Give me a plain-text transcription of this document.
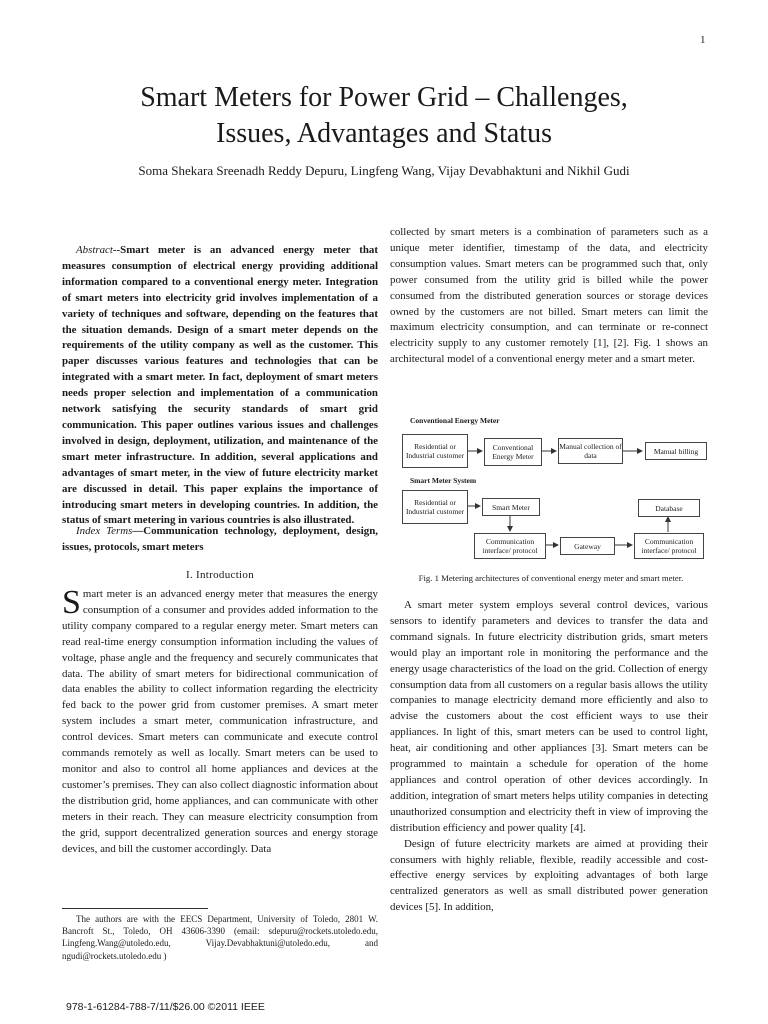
1
Smart Meters for Power Grid – Challenges,
Issues, Advantages and Status
Soma Shekara Sreenadh Reddy Depuru, Lingfeng Wang, Vijay Devabhaktuni and Nikhil Gudi
Abstract--Smart meter is an advanced energy meter that measures consumption of electrical energy providing additional information compared to a conventional energy meter. Integration of smart meters into electricity grid involves implementation of a variety of techniques and software, depending on the features that the situation demands. Design of a smart meter depends on the requirements of the utility company as well as the customer. This paper discusses various features and technologies that can be integrated with a smart meter. In fact, deployment of smart meters needs proper selection and implementation of a communication network satisfying the security standards of smart grid communication. This paper outlines various issues and challenges involved in design, deployment, utilization, and maintenance of the smart meter infrastructure. In addition, several applications and advantages of smart meter, in the view of future electricity market are discussed in detail. This paper explains the importance of introducing smart meters in developing countries. In addition, the status of smart metering in various countries is also illustrated.
Index Terms—Communication technology, deployment, design, issues, protocols, smart meters
I. Introduction
Smart meter is an advanced energy meter that measures the energy consumption of a consumer and provides added information to the utility company compared to a regular energy meter. Smart meters can read real-time energy consumption information including the values of voltage, phase angle and the frequency and securely communicates that data. The ability of smart meters for bidirectional communication of data enables the ability to collect information regarding the electricity fed back to the power grid from customer premises. A smart meter system includes a smart meter, communication infrastructure, and control devices. Smart meters can communicate and execute control commands remotely as well as locally. Smart meters can be used to monitor and also to control all home appliances and devices at the customer’s premises. They can also collect diagnostic information about the distribution grid, home appliances, and can communicate with other meters in their reach. They can measure electricity consumption from the grid, support decentralized generation sources and energy storage devices, and bill the customer accordingly. Data
The authors are with the EECS Department, University of Toledo, 2801 W. Bancroft St., Toledo, OH 43606-3390 (email: sdepuru@rockets.utoledo.edu, Lingfeng.Wang@utoledo.edu, Vijay.Devabhaktuni@utoledo.edu, and ngudi@rockets.utoledo.edu )
978-1-61284-788-7/11/$26.00 ©2011 IEEE
collected by smart meters is a combination of parameters such as a unique meter identifier, timestamp of the data, and electricity consumption values. Smart meters can be programmed such that, only power consumed from the utility grid is billed while the power consumed from the distributed generation sources or storage devices owned by the customers are not billed. Smart meters can limit the maximum electricity consumption, and can terminate or re-connect electricity supply to any customer remotely [1], [2]. Fig. 1 shows an architectural model of a conventional energy meter and a smart meter.
Conventional Energy Meter
Residential or Industrial customer
Conventional Energy Meter
Manual collection of data	Manual billing
Smart Meter System
Residential or Industrial customer	Smart Meter	Database
Communication interface/ protocol	Gateway	Communication interface/ protocol
Fig. 1 Metering architectures of conventional energy meter and smart meter.

A smart meter system employs several control devices, various sensors to identify parameters and devices to transfer the data and command signals. In future electricity distribution grids, smart meters would play an important role in monitoring the performance and the energy usage characteristics of the load on the grid. Collection of energy consumption data from all customers on a regular basis allows the utility companies to manage electricity demand more efficiently and also to advise the customers about the cost efficient ways to use their appliances. In light of this, smart meters can be used to control light, heat, air conditioning and other appliances [3]. Smart meters can be programmed to maintain a schedule for operation of the home appliances and control operation of other devices accordingly. In addition, integration of smart meters helps utility companies in detecting unauthorized consumption and electricity theft in view of improving the distribution efficiency and power quality [4].

Design of future electricity markets are aimed at providing their consumers with highly reliable, flexible, readily accessible and cost-effective energy services by exploiting advantages of both large centralized generators as well as small distributed power generation devices [5]. In addition,
